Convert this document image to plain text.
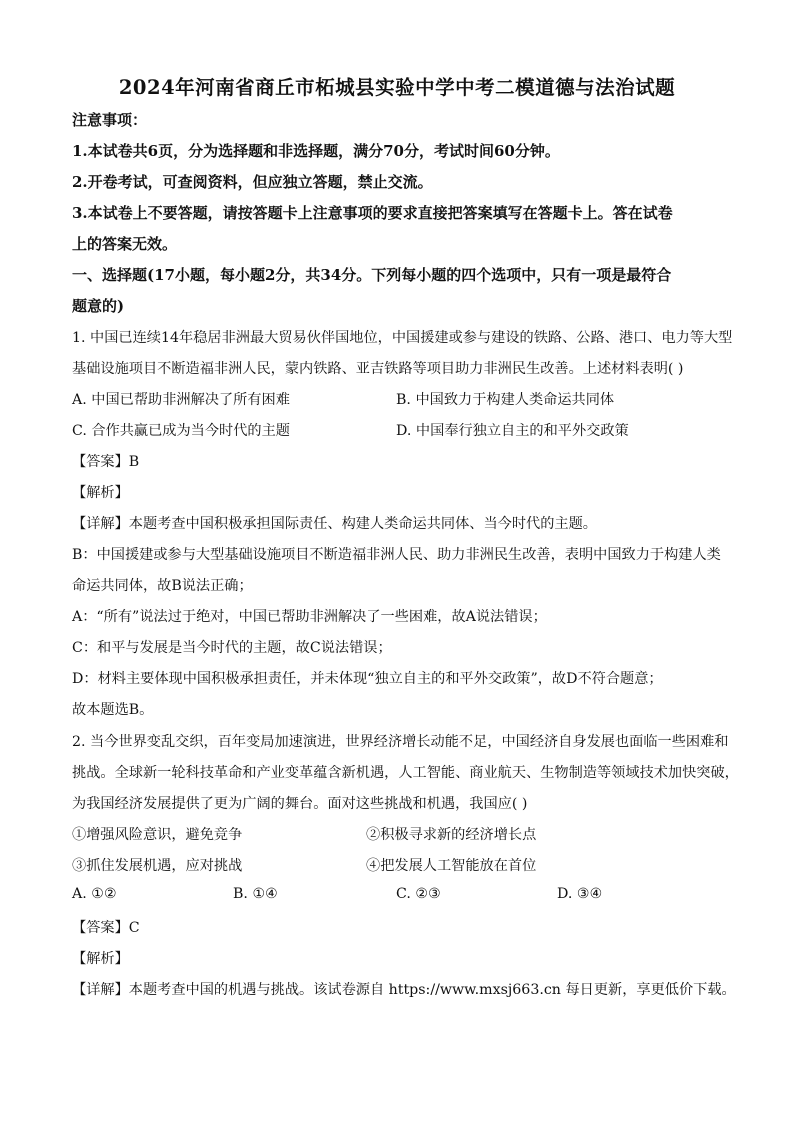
2024年河南省商丘市柘城县实验中学中考二模道德与法治试题
注意事项：
1.本试卷共6页，分为选择题和非选择题，满分70分，考试时间60分钟。
2.开卷考试，可查阅资料，但应独立答题，禁止交流。
3.本试卷上不要答题，请按答题卡上注意事项的要求直接把答案填写在答题卡上。答在试卷
上的答案无效。
一、选择题(17小题，每小题2分，共34分。下列每小题的四个选项中，只有一项是最符合
题意的)
1. 中国已连续14年稳居非洲最大贸易伙伴国地位，中国援建或参与建设的铁路、公路、港口、电力等大型
基础设施项目不断造福非洲人民，蒙内铁路、亚吉铁路等项目助力非洲民生改善。上述材料表明( )
A. 中国已帮助非洲解决了所有困难	B. 中国致力于构建人类命运共同体
C. 合作共赢已成为当今时代的主题	D. 中国奉行独立自主的和平外交政策
【答案】B
【解析】
【详解】本题考查中国积极承担国际责任、构建人类命运共同体、当今时代的主题。
B：中国援建或参与大型基础设施项目不断造福非洲人民、助力非洲民生改善，表明中国致力于构建人类
命运共同体，故B说法正确；
A：“所有”说法过于绝对，中国已帮助非洲解决了一些困难，故A说法错误；
C：和平与发展是当今时代的主题，故C说法错误；
D：材料主要体现中国积极承担责任，并未体现“独立自主的和平外交政策”，故D不符合题意；
故本题选B。
2. 当今世界变乱交织，百年变局加速演进，世界经济增长动能不足，中国经济自身发展也面临一些困难和
挑战。全球新一轮科技革命和产业变革蕴含新机遇，人工智能、商业航天、生物制造等领域技术加快突破，
为我国经济发展提供了更为广阔的舞台。面对这些挑战和机遇，我国应( )
①增强风险意识，避免竞争	②积极寻求新的经济增长点
③抓住发展机遇，应对挑战	④把发展人工智能放在首位
A. ①②	B. ①④	C. ②③	D. ③④
【答案】C
【解析】
【详解】本题考查中国的机遇与挑战。该试卷源自 https://www.mxsj663.cn 每日更新，享更低价下载。
